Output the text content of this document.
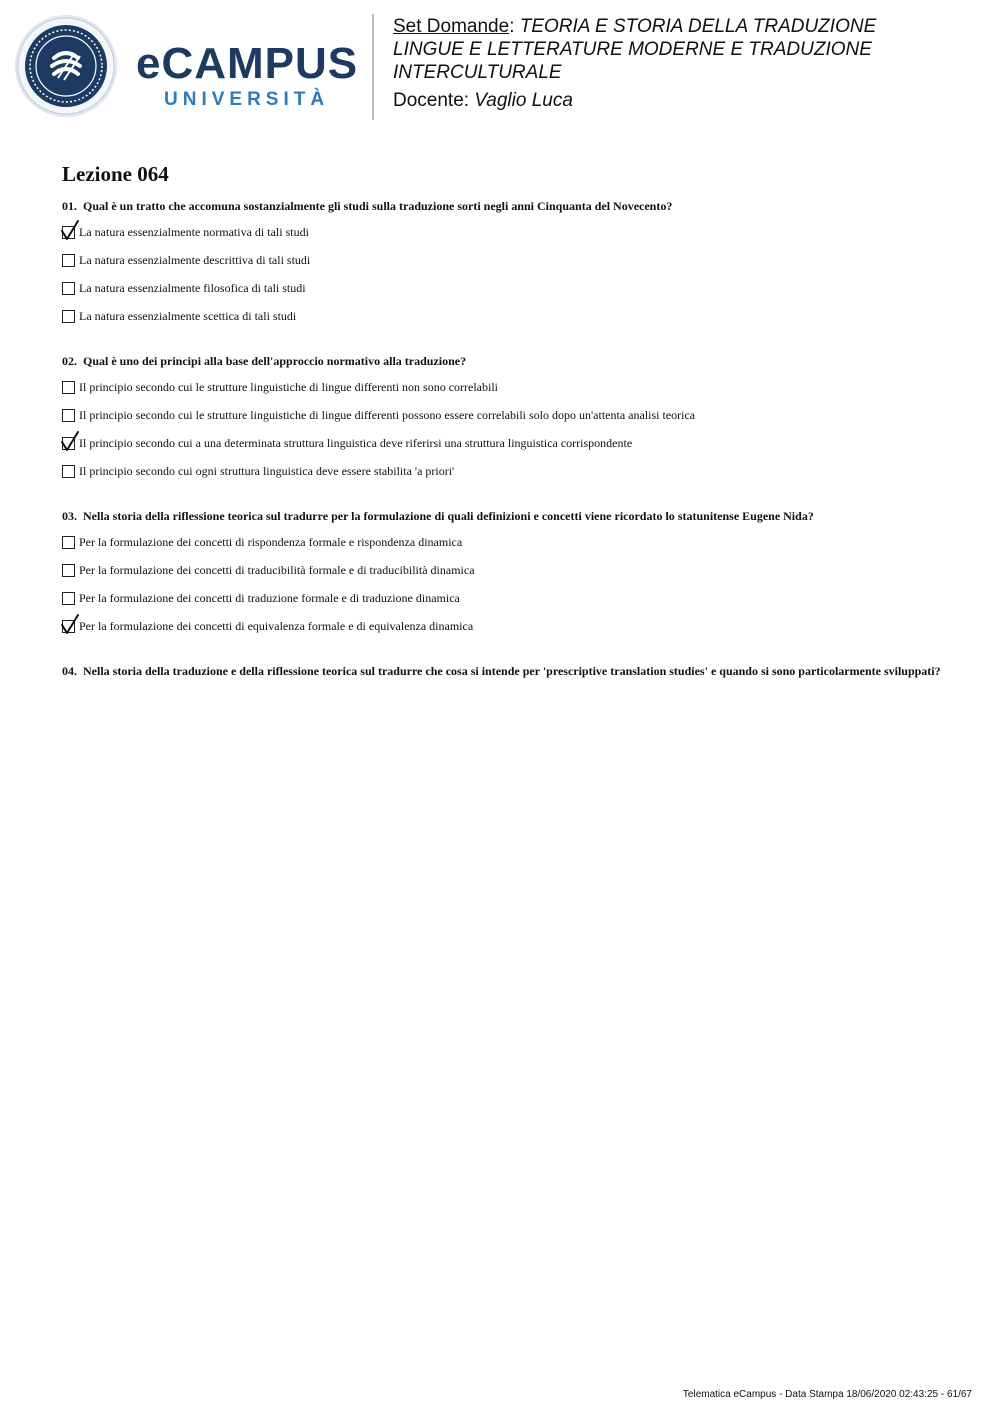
eCAMPUS
UNIVERSITÀ
Set Domande: TEORIA E STORIA DELLA TRADUZIONE
LINGUE E LETTERATURE MODERNE E TRADUZIONE
INTERCULTURALE
Docente: Vaglio Luca
Lezione 064
01. Qual è un tratto che accomuna sostanzialmente gli studi sulla traduzione sorti negli anni Cinquanta del Novecento?
La natura essenzialmente normativa di tali studi
La natura essenzialmente descrittiva di tali studi
La natura essenzialmente filosofica di tali studi
La natura essenzialmente scettica di tali studi
02. Qual è uno dei principi alla base dell'approccio normativo alla traduzione?
Il principio secondo cui le strutture linguistiche di lingue differenti non sono correlabili
Il principio secondo cui le strutture linguistiche di lingue differenti possono essere correlabili solo dopo un'attenta analisi teorica
Il principio secondo cui a una determinata struttura linguistica deve riferirsi una struttura linguistica corrispondente
Il principio secondo cui ogni struttura linguistica deve essere stabilita 'a priori'
03. Nella storia della riflessione teorica sul tradurre per la formulazione di quali definizioni e concetti viene ricordato lo statunitense Eugene Nida?
Per la formulazione dei concetti di rispondenza formale e rispondenza dinamica
Per la formulazione dei concetti di traducibilità formale e di traducibilità dinamica
Per la formulazione dei concetti di traduzione formale e di traduzione dinamica
Per la formulazione dei concetti di equivalenza formale e di equivalenza dinamica
04. Nella storia della traduzione e della riflessione teorica sul tradurre che cosa si intende per 'prescriptive translation studies' e quando si sono particolarmente sviluppati?
Telematica eCampus - Data Stampa 18/06/2020 02:43:25 - 61/67
